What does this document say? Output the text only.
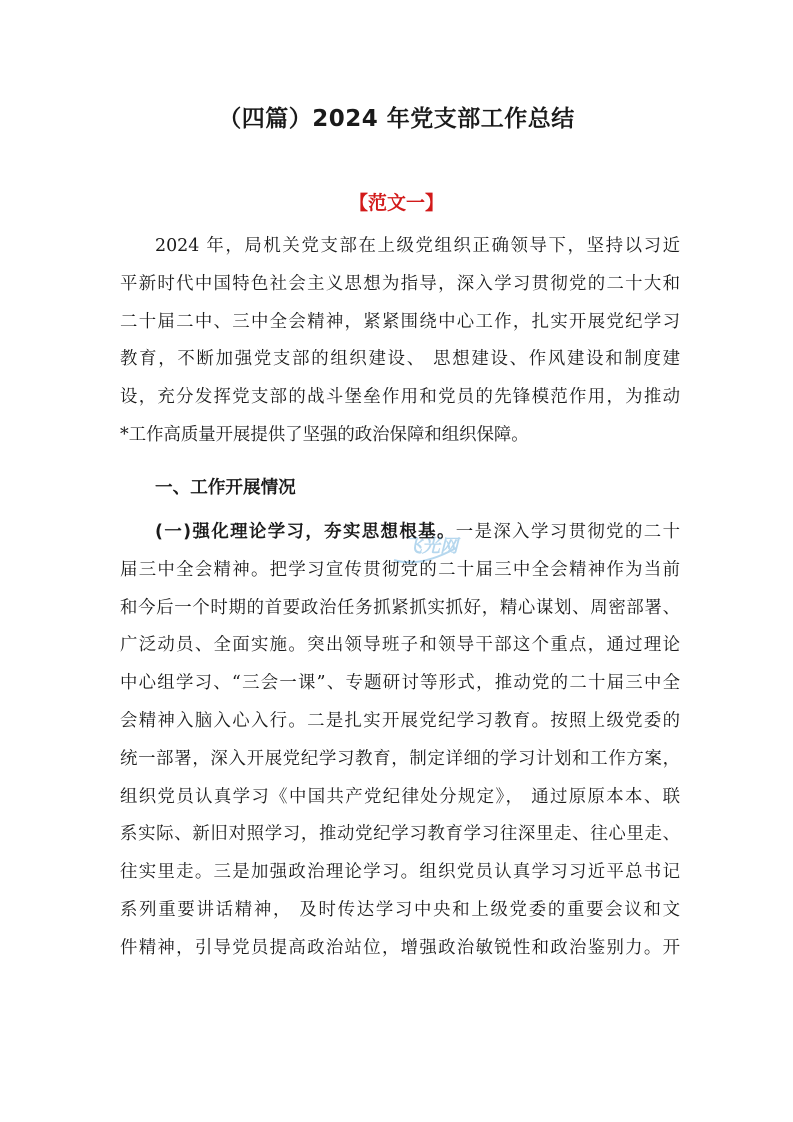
（四篇）2024 年党支部工作总结
【范文一】
2024 年，局机关党支部在上级党组织正确领导下，坚持以习近
平新时代中国特色社会主义思想为指导，深入学习贯彻党的二十大和
二十届二中、三中全会精神，紧紧围绕中心工作，扎实开展党纪学习
教育，不断加强党支部的组织建设、 思想建设、作风建设和制度建
设，充分发挥党支部的战斗堡垒作用和党员的先锋模范作用，为推动
*工作高质量开展提供了坚强的政治保障和组织保障。
一、工作开展情况
(一)强化理论学习，夯实思想根基。一是深入学习贯彻党的二十
届三中全会精神。把学习宣传贯彻党的二十届三中全会精神作为当前
和今后一个时期的首要政治任务抓紧抓实抓好，精心谋划、周密部署、
广泛动员、全面实施。突出领导班子和领导干部这个重点，通过理论
中心组学习、“三会一课”、专题研讨等形式，推动党的二十届三中全
会精神入脑入心入行。二是扎实开展党纪学习教育。按照上级党委的
统一部署，深入开展党纪学习教育，制定详细的学习计划和工作方案，
组织党员认真学习《中国共产党纪律处分规定》， 通过原原本本、联
系实际、新旧对照学习，推动党纪学习教育学习往深里走、往心里走、
往实里走。三是加强政治理论学习。组织党员认真学习习近平总书记
系列重要讲话精神， 及时传达学习中央和上级党委的重要会议和文
件精神，引导党员提高政治站位，增强政治敏锐性和政治鉴别力。开
飞光网
